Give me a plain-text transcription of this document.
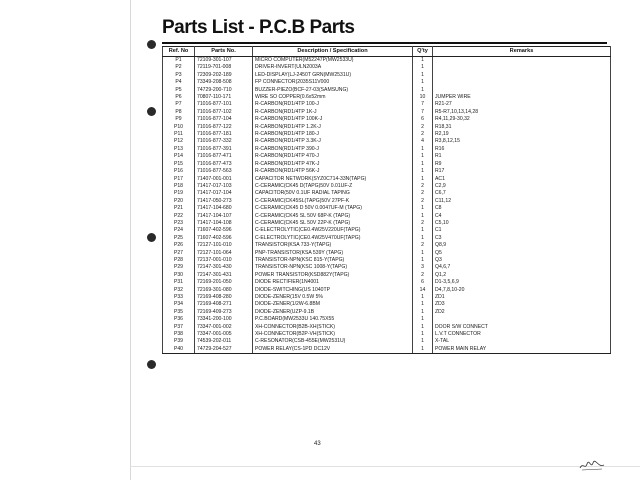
Parts List - P.C.B Parts
Ref. No	Parts No.	Description / Specification	Q'ty	Remarks
P1	72109-301-107	MICRO COMPUTER(M52247P(MW2533U)	1	
P2	72119-701-008	DRIVER-INVERT(ULN2003A	1	
P3	72309-202-189	LED-DISPLAY(LJ-2450T GRN(MW2531U)	1	
P4	73349-208-508	FP CONNECTOR(2035S11V000	1	
P5	74729-200-710	BUZZER-PIEZO(BCF-27-03(SAMSUNG)	1	
P6	70807-110-171	WIRE SO COPPER(0.6x52mm	10	JUMPER WIRE
P7	71016-877-101	R-CARBON(RD1/4TP 100-J	7	R21-27
P8	71016-877-102	R-CARBON(RD1/4TP 1K-J	7	R5-R7,10,13,14,28
P9	71016-877-104	R-CARBON(RD1/4TP 100K-J	6	R4,11,29-30,32
P10	71016-877-122	R-CARBON(RD1/4TP 1.2K-J	2	R18,31
P11	71016-877-181	R-CARBON(RD1/4TP 180-J	2	R2,19
P12	71016-877-332	R-CARBON(RD1/4TP 3.3K-J	4	R3,8,12,15
P13	71016-877-391	R-CARBON(RD1/4TP 390-J	1	R16
P14	71016-877-471	R-CARBON(RD1/4TP 470-J	1	R1
P15	71016-877-473	R-CARBON(RD1/4TP 47K-J	1	R9
P16	71016-877-563	R-CARBON(RD1/4TP 56K-J	1	R17
P17	71407-001-001	CAPACITOR NETWORK(SYZ0C714-33N(TAPG)	1	AC1
P18	71417-017-103	C-CERAMIC(CK45 D(TAPG)50V 0.01UF-Z	2	C2,9
P19	71417-017-104	CAPACITOR(50V 0.1UF RADIAL TAPING	2	C6,7
P20	71417-050-273	C-CERAMIC(CK45SL(TAPG)50V 27PF-K	2	C11,12
P21	71417-104-680	C-CERAMIC(CK45 D 50V 0.0047UF-M (TAPG)	1	C8
P22	71417-104-107	C-CERAMIC(CK45 SL 50V 68P-K (TAPG)	1	C4
P23	71417-104-108	C-CERAMIC(CK45 SL 50V 22P-K (TAPG)	2	C5,10
P24	71607-402-596	C-ELECTROLYTIC(CE0.4W25V220UF(TAPG)	1	C1
P25	71607-402-596	C-ELECTROLYTIC(CE0.4W25V470UF(TAPG)	1	C3
P26	72127-101-010	TRANSISTOR(KSA 733-Y(TAPG)	2	Q8,9
P27	72127-101-064	PNP-TRANSISTOR(KSA 539Y (TAPG)	1	Q5
P28	72137-001-010	TRANSISTOR-NPN(KSC 815-Y(TAPG)	1	Q3
P29	72147-301-430	TRANSISTOR-NPN(KSC 1008-Y(TAPG)	3	Q4,6,7
P30	72147-301-431	POWER TRANSISTOR(KSD882Y(TAPG)	2	Q1,2
P31	72169-201-050	DIODE RECTIFIER(1N4001	6	D1-3,5,6,9
P32	72169-301-080	DIODE-SWITCHING(US 1040TP	14	D4,7,8,10-20
P33	72169-408-280	DIODE-ZENER(15V 0.5W 5%	1	ZD1
P34	72169-408-271	DIODE-ZENER(1/2W-6.8BM	1	ZD3
P35	72169-409-273	DIODE-ZENER(UZP-9.1B	1	ZD2
P36	73341-200-100	P.C.BOARD(MW2533U 140.75X55	1	
P37	73347-001-002	XH-CONNECTOR(B2B-XH(STICK)	1	DOOR S/W CONNECT
P38	73347-001-005	XH-CONNECTOR(B2P-VH(STICK)	1	L.V.T CONNECTOR
P39	74539-202-011	C-RESONATOR(CSB-455E(MW2531U)	1	X-TAL
P40	74729-204-527	POWER RELAY(CS-1PD DC12V	1	POWER MAIN RELAY
43
